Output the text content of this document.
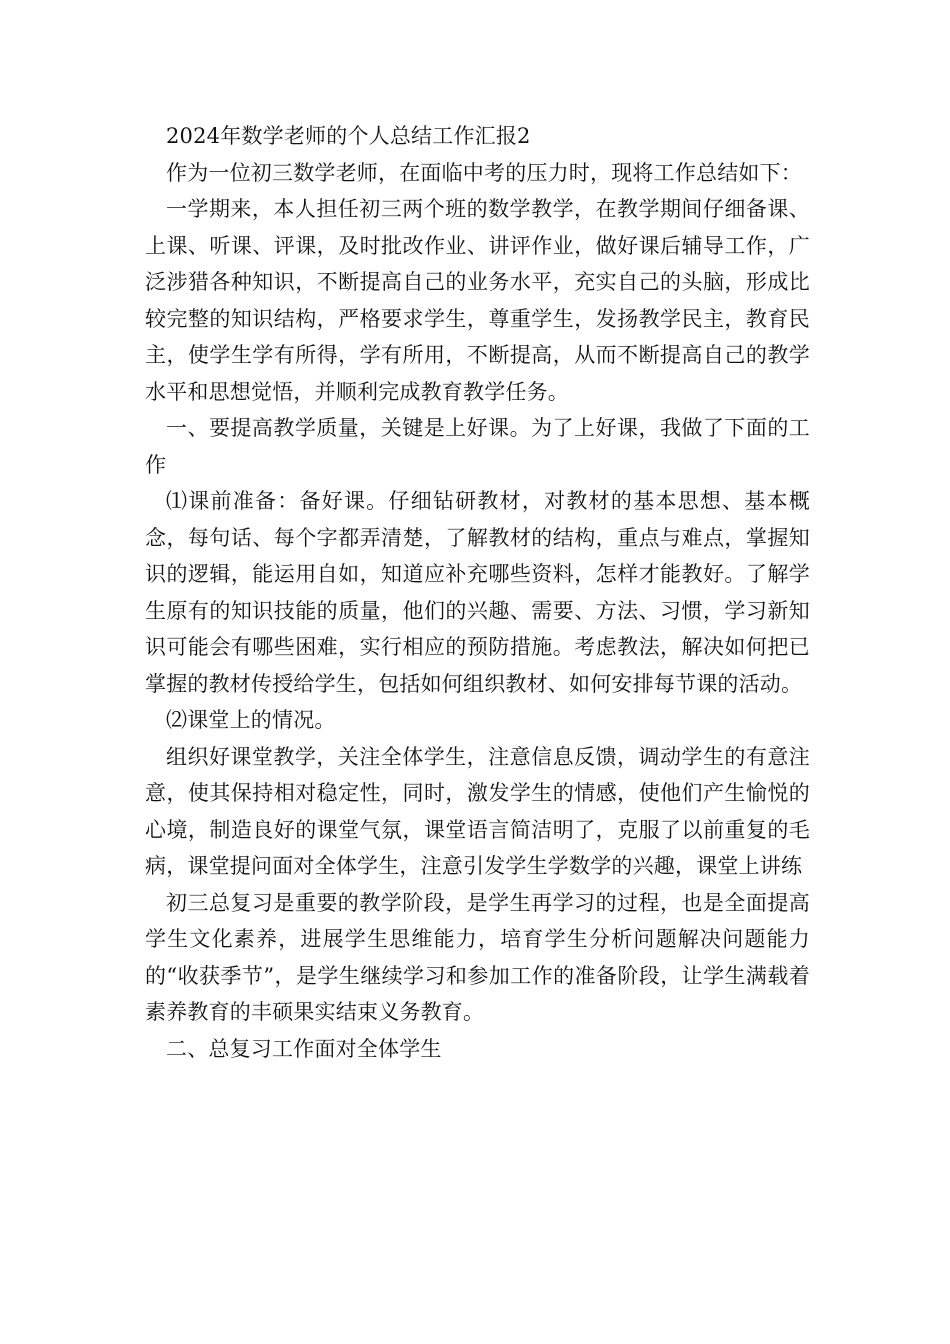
2024年数学老师的个人总结工作汇报2

作为一位初三数学老师，在面临中考的压力时，现将工作总结如下：

一学期来，本人担任初三两个班的数学教学，在教学期间仔细备课、上课、听课、评课，及时批改作业、讲评作业，做好课后辅导工作，广泛涉猎各种知识，不断提高自己的业务水平，充实自己的头脑，形成比较完整的知识结构，严格要求学生，尊重学生，发扬教学民主，教育民主，使学生学有所得，学有所用，不断提高，从而不断提高自己的教学水平和思想觉悟，并顺利完成教育教学任务。

一、要提高教学质量，关键是上好课。为了上好课，我做了下面的工作

⑴课前准备：备好课。仔细钻研教材，对教材的基本思想、基本概念，每句话、每个字都弄清楚，了解教材的结构，重点与难点，掌握知识的逻辑，能运用自如，知道应补充哪些资料，怎样才能教好。了解学生原有的知识技能的质量，他们的兴趣、需要、方法、习惯，学习新知识可能会有哪些困难，实行相应的预防措施。考虑教法，解决如何把已掌握的教材传授给学生，包括如何组织教材、如何安排每节课的活动。

⑵课堂上的情况。

组织好课堂教学，关注全体学生，注意信息反馈，调动学生的有意注意，使其保持相对稳定性，同时，激发学生的情感，使他们产生愉悦的心境，制造良好的课堂气氛，课堂语言简洁明了，克服了以前重复的毛病，课堂提问面对全体学生，注意引发学生学数学的兴趣，课堂上讲练

初三总复习是重要的教学阶段，是学生再学习的过程，也是全面提高学生文化素养，进展学生思维能力，培育学生分析问题解决问题能力的“收获季节”，是学生继续学习和参加工作的准备阶段，让学生满载着素养教育的丰硕果实结束义务教育。

二、总复习工作面对全体学生
